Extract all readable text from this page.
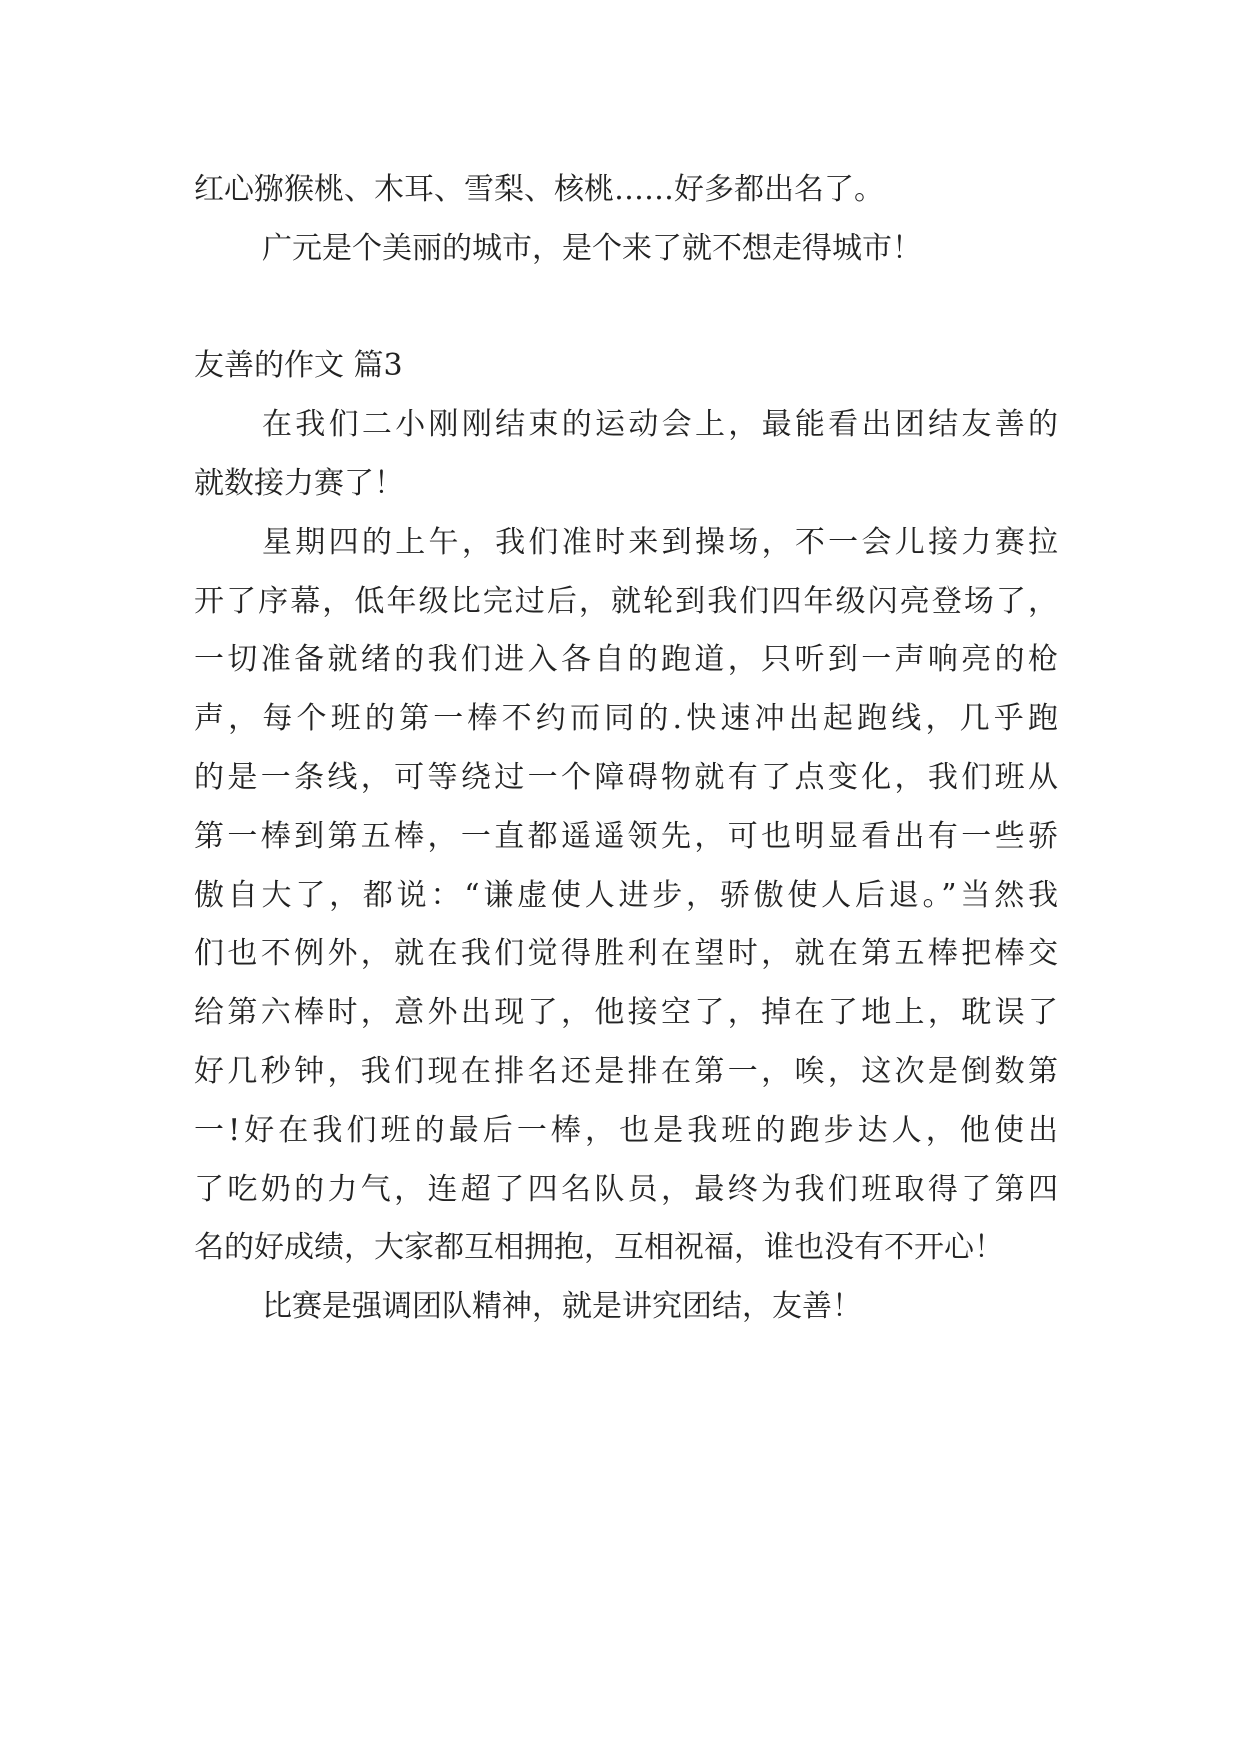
红心猕猴桃、木耳、雪梨、核桃……好多都出名了。
广元是个美丽的城市，是个来了就不想走得城市！
友善的作文 篇3
在我们二小刚刚结束的运动会上，最能看出团结友善的
就数接力赛了！
星期四的上午，我们准时来到操场，不一会儿接力赛拉
开了序幕，低年级比完过后，就轮到我们四年级闪亮登场了，
一切准备就绪的我们进入各自的跑道，只听到一声响亮的枪
声，每个班的第一棒不约而同的.快速冲出起跑线，几乎跑
的是一条线，可等绕过一个障碍物就有了点变化，我们班从
第一棒到第五棒，一直都遥遥领先，可也明显看出有一些骄
傲自大了，都说：“谦虚使人进步，骄傲使人后退。”当然我
们也不例外，就在我们觉得胜利在望时，就在第五棒把棒交
给第六棒时，意外出现了，他接空了，掉在了地上，耽误了
好几秒钟，我们现在排名还是排在第一，唉，这次是倒数第
一!好在我们班的最后一棒，也是我班的跑步达人，他使出
了吃奶的力气，连超了四名队员，最终为我们班取得了第四
名的好成绩，大家都互相拥抱，互相祝福，谁也没有不开心！
比赛是强调团队精神，就是讲究团结，友善！
